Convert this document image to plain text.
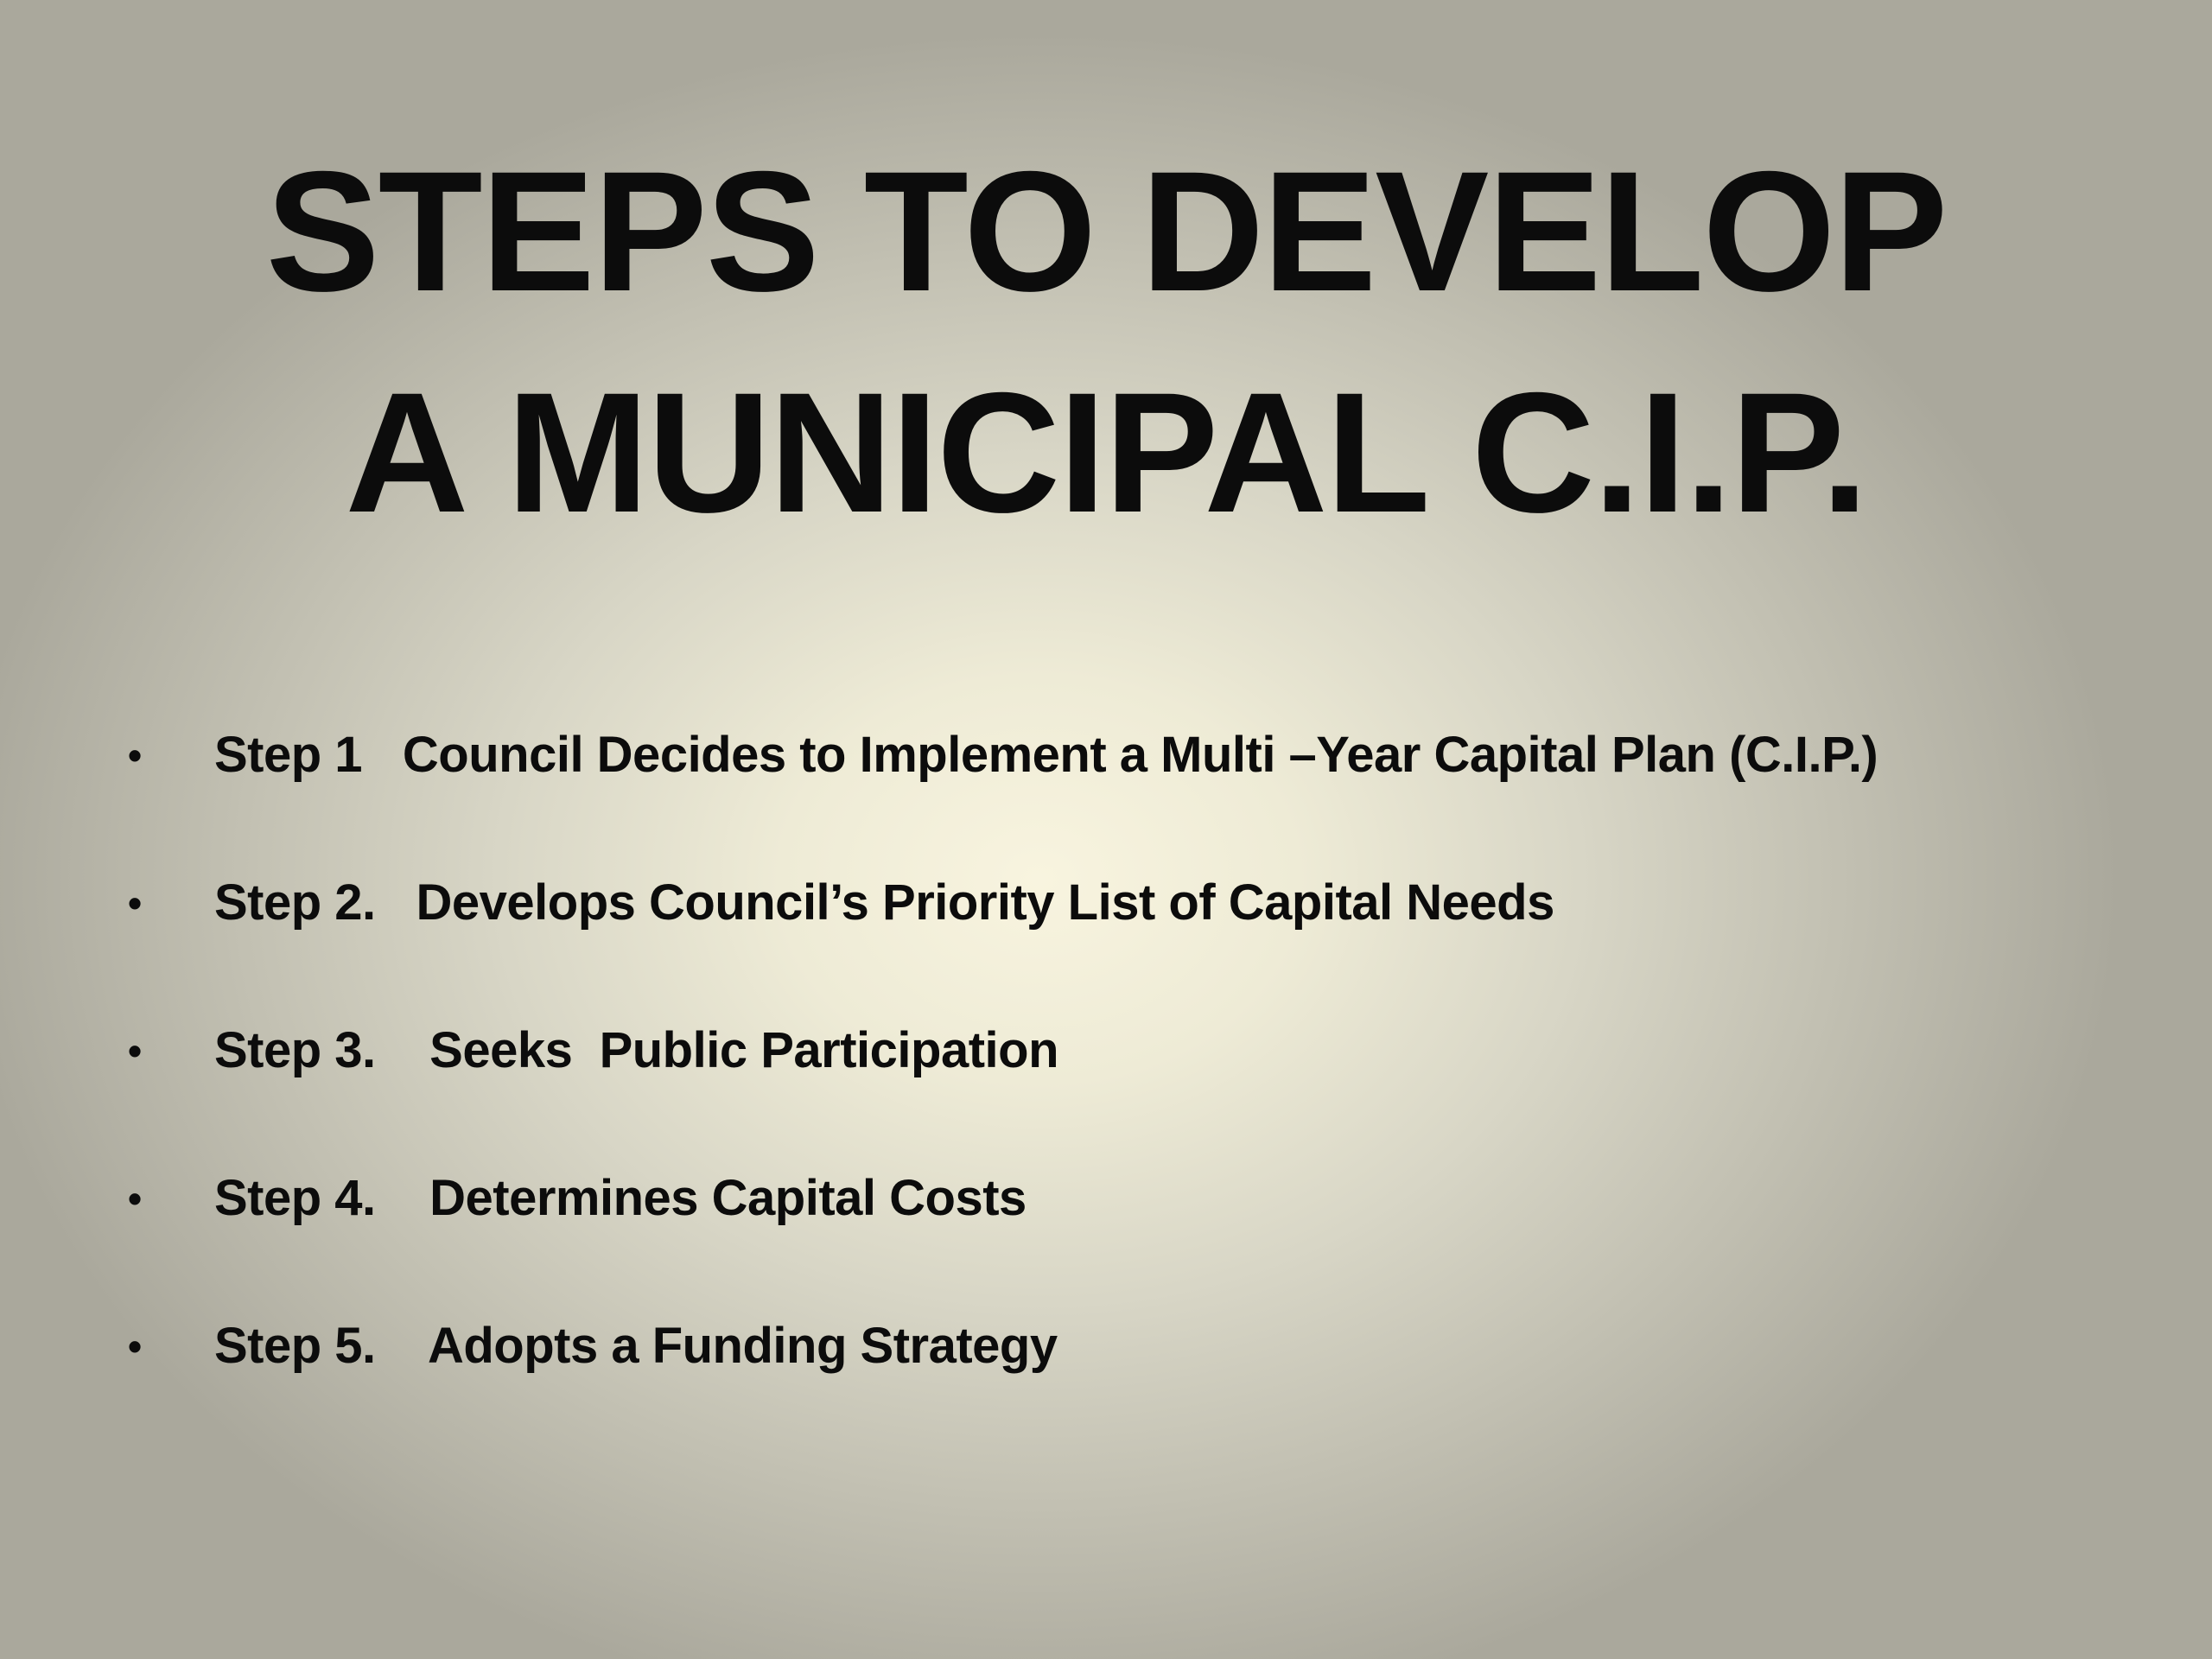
STEPS TO DEVELOP
A MUNICIPAL C.I.P.

•

Step 1   Council Decides to Implement a Multi –Year Capital Plan (C.I.P.)

•

Step 2.   Develops Council’s Priority List of Capital Needs

•

Step 3.    Seeks  Public Participation

•

Step 4.    Determines Capital Costs

•

Step 5.    Adopts a Funding Strategy
